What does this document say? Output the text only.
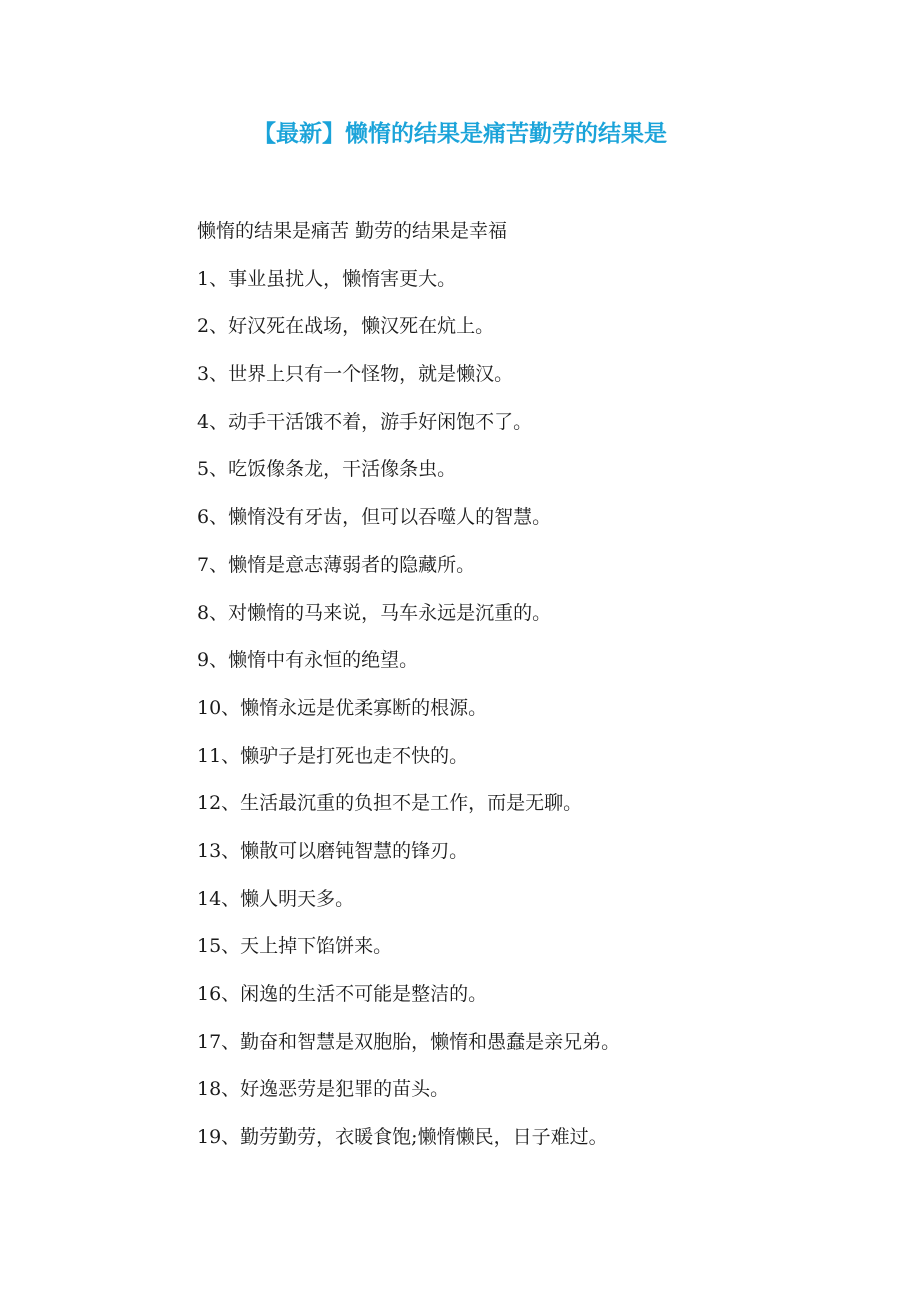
【最新】懒惰的结果是痛苦勤劳的结果是
懒惰的结果是痛苦 勤劳的结果是幸福
1、事业虽扰人，懒惰害更大。
2、好汉死在战场，懒汉死在炕上。
3、世界上只有一个怪物，就是懒汉。
4、动手干活饿不着，游手好闲饱不了。
5、吃饭像条龙，干活像条虫。
6、懒惰没有牙齿，但可以吞噬人的智慧。
7、懒惰是意志薄弱者的隐藏所。
8、对懒惰的马来说，马车永远是沉重的。
9、懒惰中有永恒的绝望。
10、懒惰永远是优柔寡断的根源。
11、懒驴子是打死也走不快的。
12、生活最沉重的负担不是工作，而是无聊。
13、懒散可以磨钝智慧的锋刃。
14、懒人明天多。
15、天上掉下馅饼来。
16、闲逸的生活不可能是整洁的。
17、勤奋和智慧是双胞胎，懒惰和愚蠢是亲兄弟。
18、好逸恶劳是犯罪的苗头。
19、勤劳勤劳，衣暖食饱;懒惰懒民，日子难过。
